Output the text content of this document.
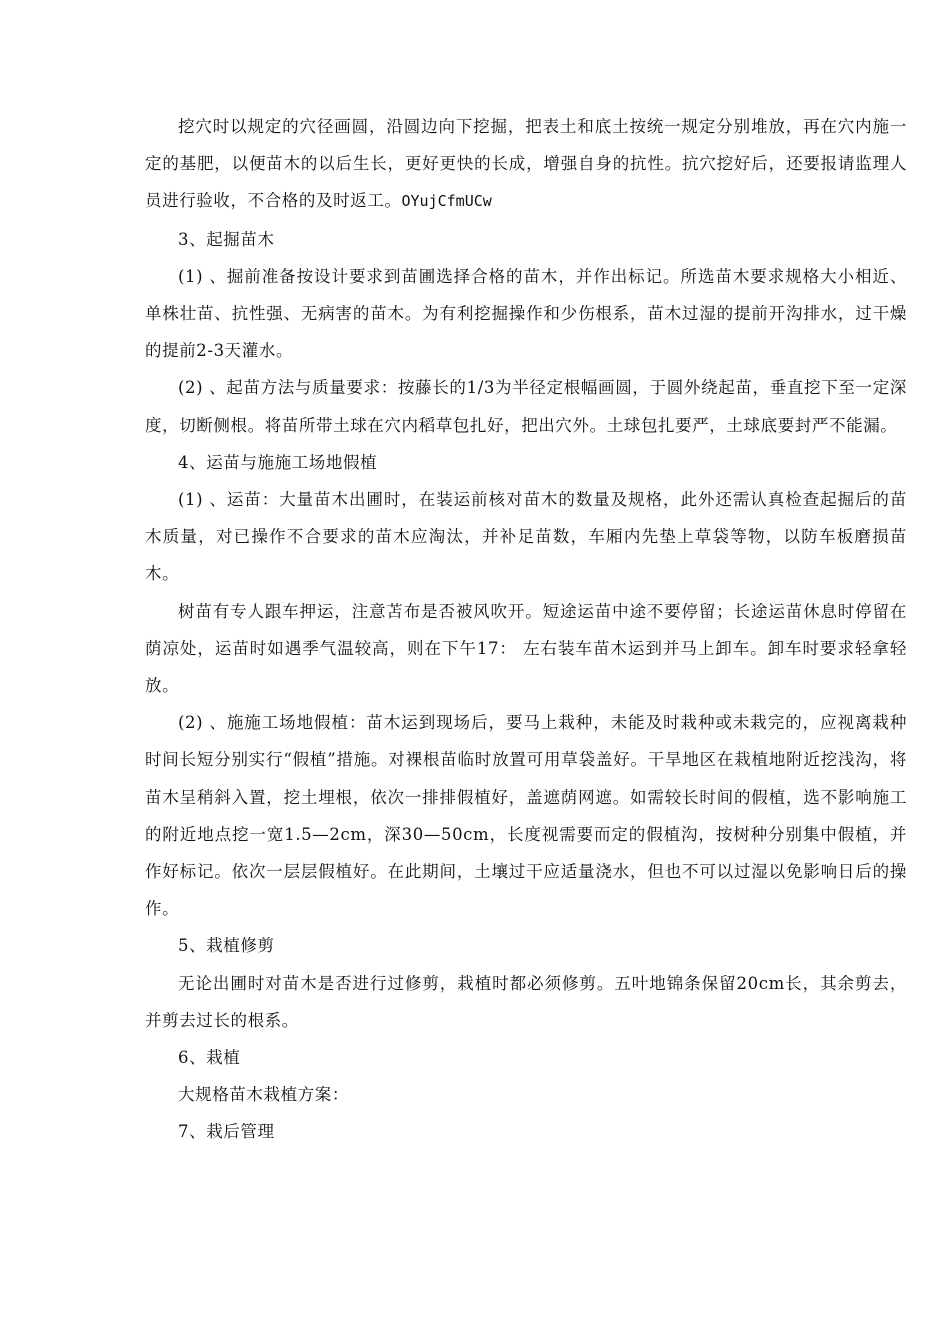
挖穴时以规定的穴径画圆，沿圆边向下挖掘，把表土和底土按统一规定分别堆放，再在穴内施一定的基肥，以便苗木的以后生长，更好更快的长成，增强自身的抗性。抗穴挖好后，还要报请监理人员进行验收，不合格的及时返工。OYujCfmUCw

3、起掘苗木

(1) 、掘前准备按设计要求到苗圃选择合格的苗木，并作出标记。所选苗木要求规格大小相近、单株壮苗、抗性强、无病害的苗木。为有利挖掘操作和少伤根系，苗木过湿的提前开沟排水，过干燥的提前2-3天灌水。

(2) 、起苗方法与质量要求：按藤长的1/3为半径定根幅画圆，于圆外绕起苗，垂直挖下至一定深度，切断侧根。将苗所带土球在穴内稻草包扎好，把出穴外。土球包扎要严，土球底要封严不能漏。

4、运苗与施施工场地假植

(1) 、运苗：大量苗木出圃时，在装运前核对苗木的数量及规格，此外还需认真检查起掘后的苗木质量，对已操作不合要求的苗木应淘汰，并补足苗数，车厢内先垫上草袋等物，以防车板磨损苗木。

树苗有专人跟车押运，注意苫布是否被风吹开。短途运苗中途不要停留；长途运苗休息时停留在荫凉处，运苗时如遇季气温较高，则在下午17： 左右装车苗木运到并马上卸车。卸车时要求轻拿轻放。

(2) 、施施工场地假植：苗木运到现场后，要马上栽种，未能及时栽种或未栽完的，应视离栽种时间长短分别实行“假植”措施。对裸根苗临时放置可用草袋盖好。干旱地区在栽植地附近挖浅沟，将苗木呈稍斜入置，挖土埋根，依次一排排假植好，盖遮荫网遮。如需较长时间的假植，选不影响施工的附近地点挖一宽1.5—2cm，深30—50cm，长度视需要而定的假植沟，按树种分别集中假植，并作好标记。依次一层层假植好。在此期间，土壤过干应适量浇水，但也不可以过湿以免影响日后的操作。

5、栽植修剪

无论出圃时对苗木是否进行过修剪，栽植时都必须修剪。五叶地锦条保留20cm长，其余剪去，并剪去过长的根系。

6、栽植

大规格苗木栽植方案：

7、栽后管理
